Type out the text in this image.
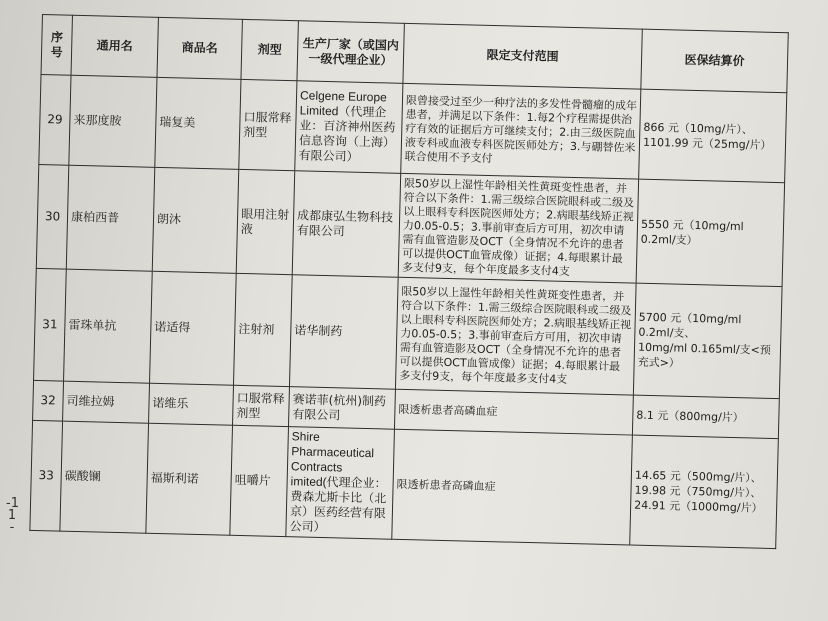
-1 1 -
序号	通用名	商品名	剂型	生产厂家（或国内一级代理企业）	限定支付范围	医保结算价
29	来那度胺	瑞复美	口服常释剂型	Celgene Europe Limited（代理企业：百济神州医药信息咨询（上海）有限公司）	限曾接受过至少一种疗法的多发性骨髓瘤的成年患者，并满足以下条件：1.每2个疗程需提供治疗有效的证据后方可继续支付；2.由三级医院血液专科或血液专科医院医师处方；3.与硼替佐米联合使用不予支付	866 元（10mg/片）、
1101.99 元（25mg/片）

30	康柏西普	朗沐	眼用注射液	成都康弘生物科技有限公司	限50岁以上湿性年龄相关性黄斑变性患者，并符合以下条件：1.需三级综合医院眼科或二级及以上眼科专科医院医师处方；2.病眼基线矫正视力0.05-0.5；3.事前审查后方可用，初次申请需有血管造影及OCT（全身情况不允许的患者可以提供OCT血管成像）证据；4.每眼累计最多支付9支，每个年度最多支付4支	5550 元（10mg/ml 0.2ml/支）

31	雷珠单抗	诺适得	注射剂	诺华制药	限50岁以上湿性年龄相关性黄斑变性患者，并符合以下条件：1.需三级综合医院眼科或二级及以上眼科专科医院医师处方；2.病眼基线矫正视力0.05-0.5；3.事前审查后方可用，初次申请需有血管造影及OCT（全身情况不允许的患者可以提供OCT血管成像）证据；4.每眼累计最多支付9支，每个年度最多支付4支	5700 元（10mg/ml 0.2ml/支、
10mg/ml 0.165ml/支<预充式>）

32	司维拉姆	诺维乐	口服常释剂型	赛诺菲(杭州)制药有限公司	限透析患者高磷血症	8.1 元（800mg/片）

33	碳酸镧	福斯利诺	咀嚼片	Shire Pharmaceutical Contracts imited(代理企业：费森尤斯卡比（北京）医药经营有限公司）	限透析患者高磷血症	14.65 元（500mg/片）、
19.98 元（750mg/片）、
24.91 元（1000mg/片）
